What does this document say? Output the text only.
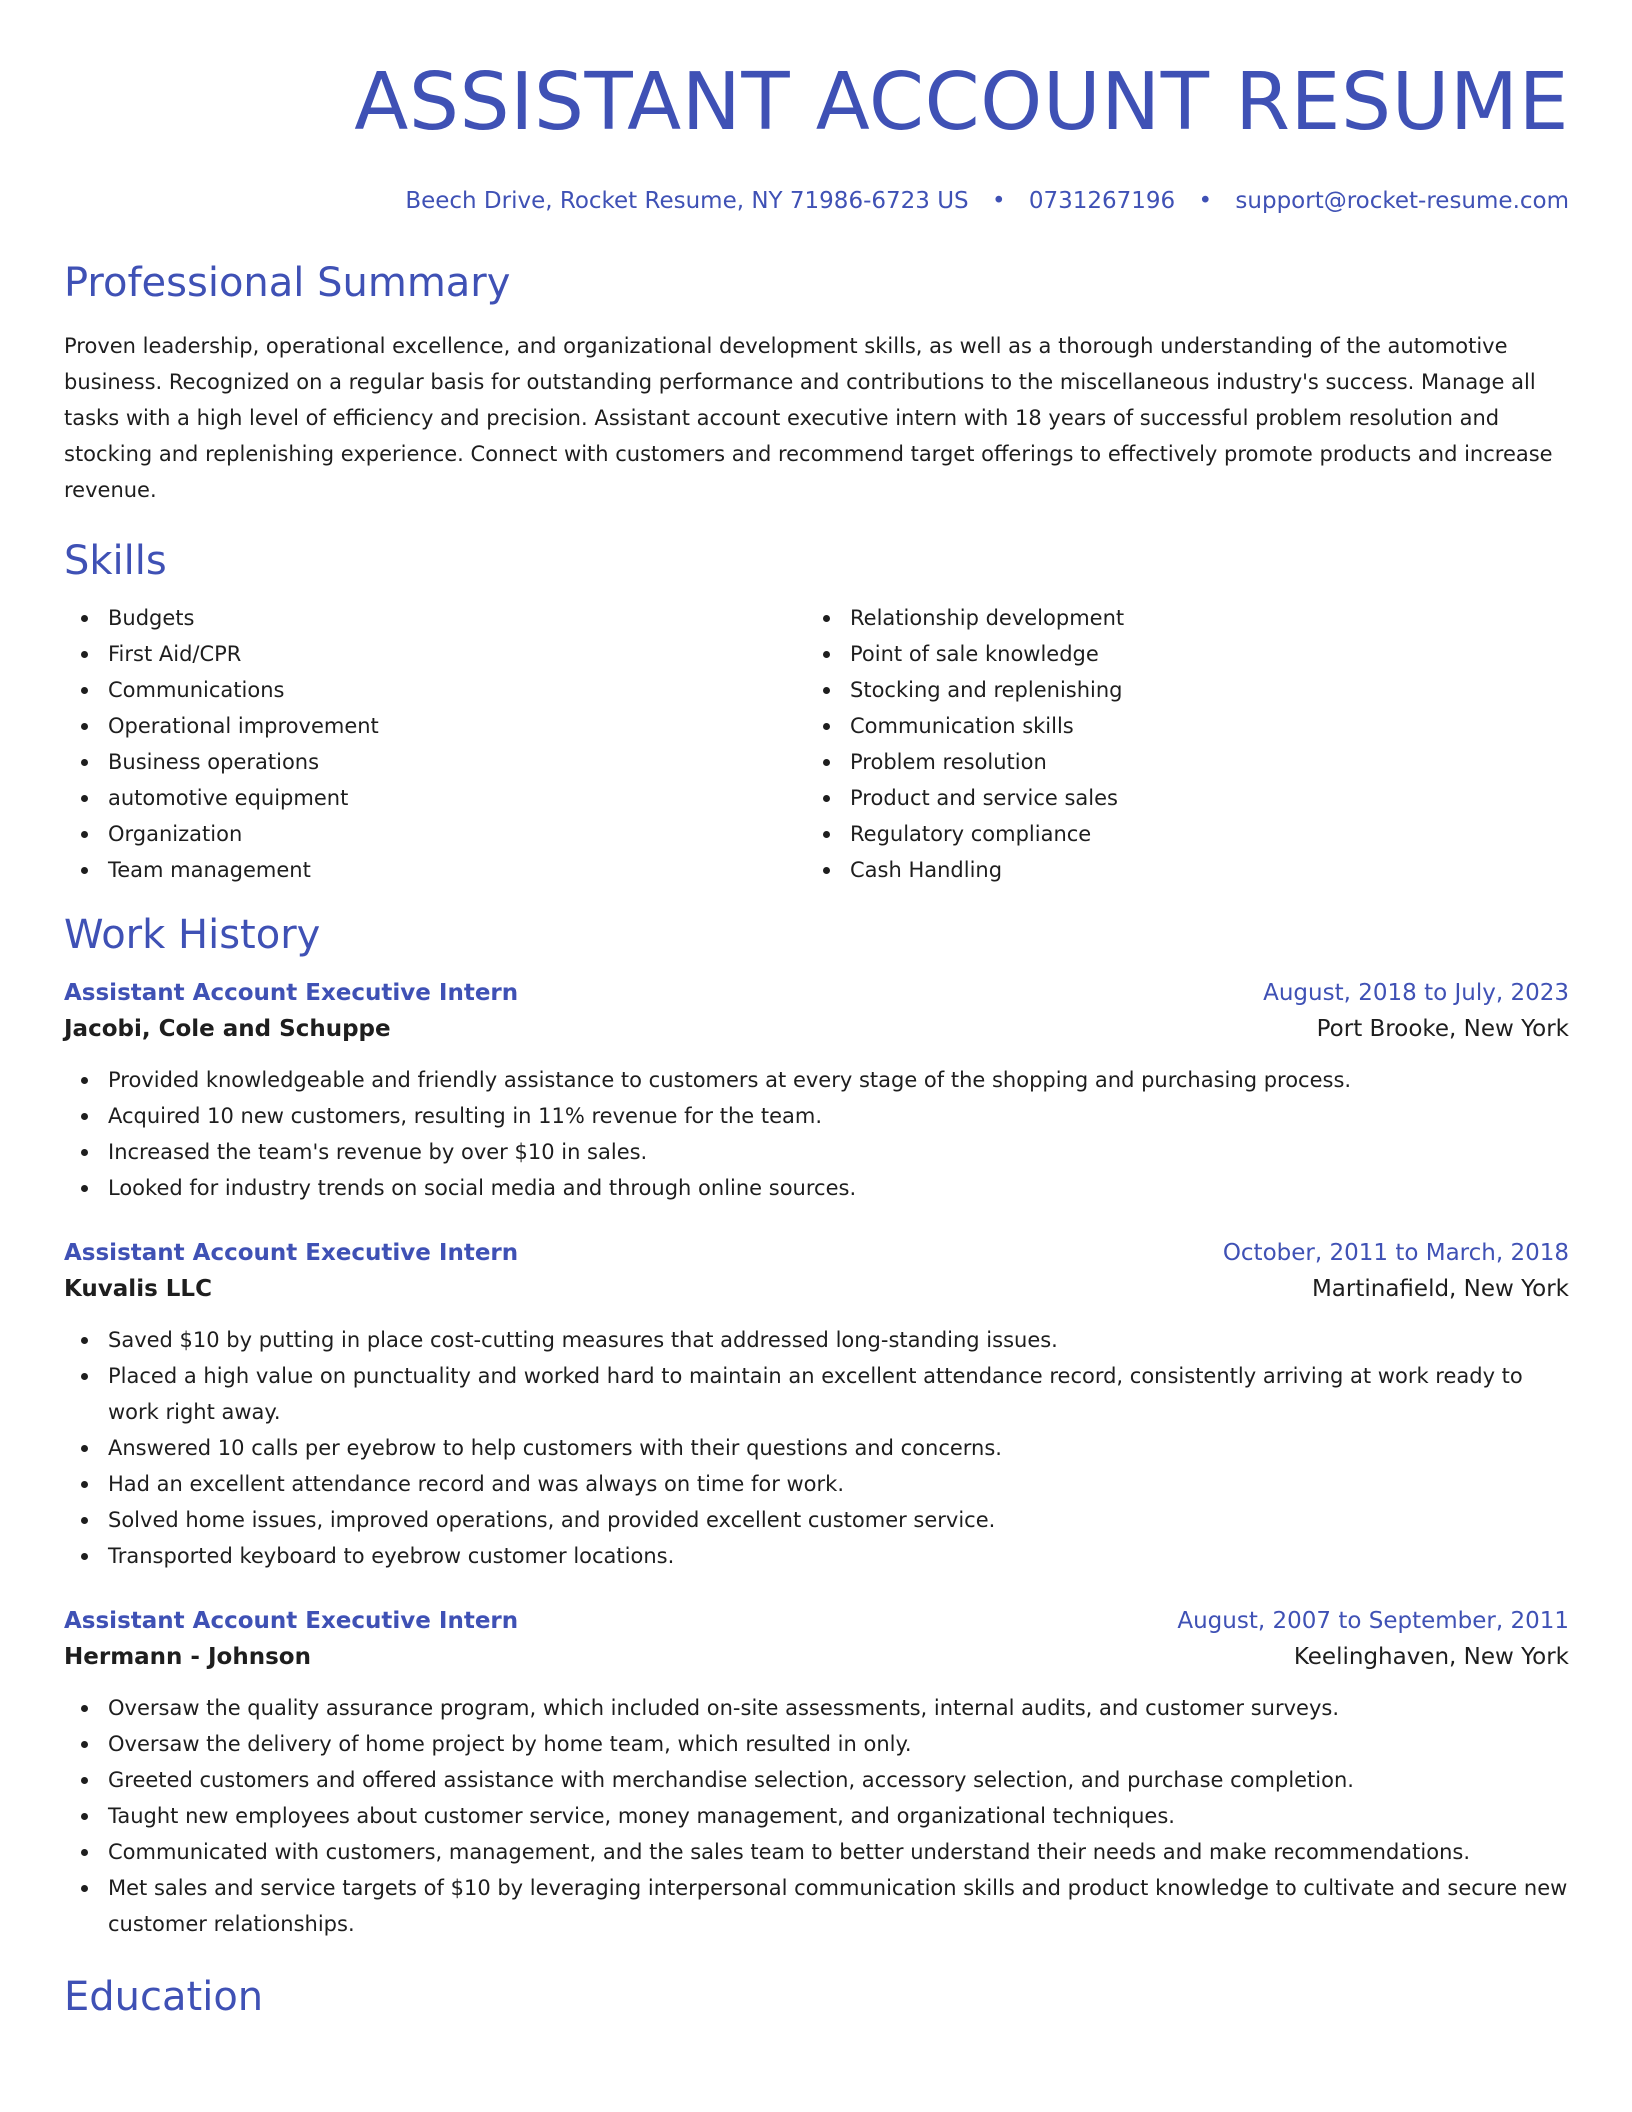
ASSISTANT ACCOUNT RESUME
Beech Drive, Rocket Resume, NY 71986-6723 US • 0731267196 • support@rocket-resume.com
Professional Summary

Proven leadership, operational excellence, and organizational development skills, as well as a thorough understanding of the automotive business. Recognized on a regular basis for outstanding performance and contributions to the miscellaneous industry's success. Manage all tasks with a high level of efficiency and precision. Assistant account executive intern with 18 years of successful problem resolution and stocking and replenishing experience. Connect with customers and recommend target offerings to effectively promote products and increase revenue.

Skills
Budgets
First Aid/CPR
Communications
Operational improvement
Business operations
automotive equipment
Organization
Team management
Relationship development
Point of sale knowledge
Stocking and replenishing
Communication skills
Problem resolution
Product and service sales
Regulatory compliance
Cash Handling
Work History
Assistant Account Executive Intern	August, 2018 to July, 2023
Jacobi, Cole and Schuppe	Port Brooke, New York
Provided knowledgeable and friendly assistance to customers at every stage of the shopping and purchasing process.
Acquired 10 new customers, resulting in 11% revenue for the team.
Increased the team's revenue by over $10 in sales.
Looked for industry trends on social media and through online sources.
Assistant Account Executive Intern	October, 2011 to March, 2018
Kuvalis LLC	Martinafield, New York
Saved $10 by putting in place cost-cutting measures that addressed long-standing issues.
Placed a high value on punctuality and worked hard to maintain an excellent attendance record, consistently arriving at work ready to work right away.
Answered 10 calls per eyebrow to help customers with their questions and concerns.
Had an excellent attendance record and was always on time for work.
Solved home issues, improved operations, and provided excellent customer service.
Transported keyboard to eyebrow customer locations.
Assistant Account Executive Intern	August, 2007 to September, 2011
Hermann - Johnson	Keelinghaven, New York
Oversaw the quality assurance program, which included on-site assessments, internal audits, and customer surveys.
Oversaw the delivery of home project by home team, which resulted in only.
Greeted customers and offered assistance with merchandise selection, accessory selection, and purchase completion.
Taught new employees about customer service, money management, and organizational techniques.
Communicated with customers, management, and the sales team to better understand their needs and make recommendations.
Met sales and service targets of $10 by leveraging interpersonal communication skills and product knowledge to cultivate and secure new customer relationships.
Education
